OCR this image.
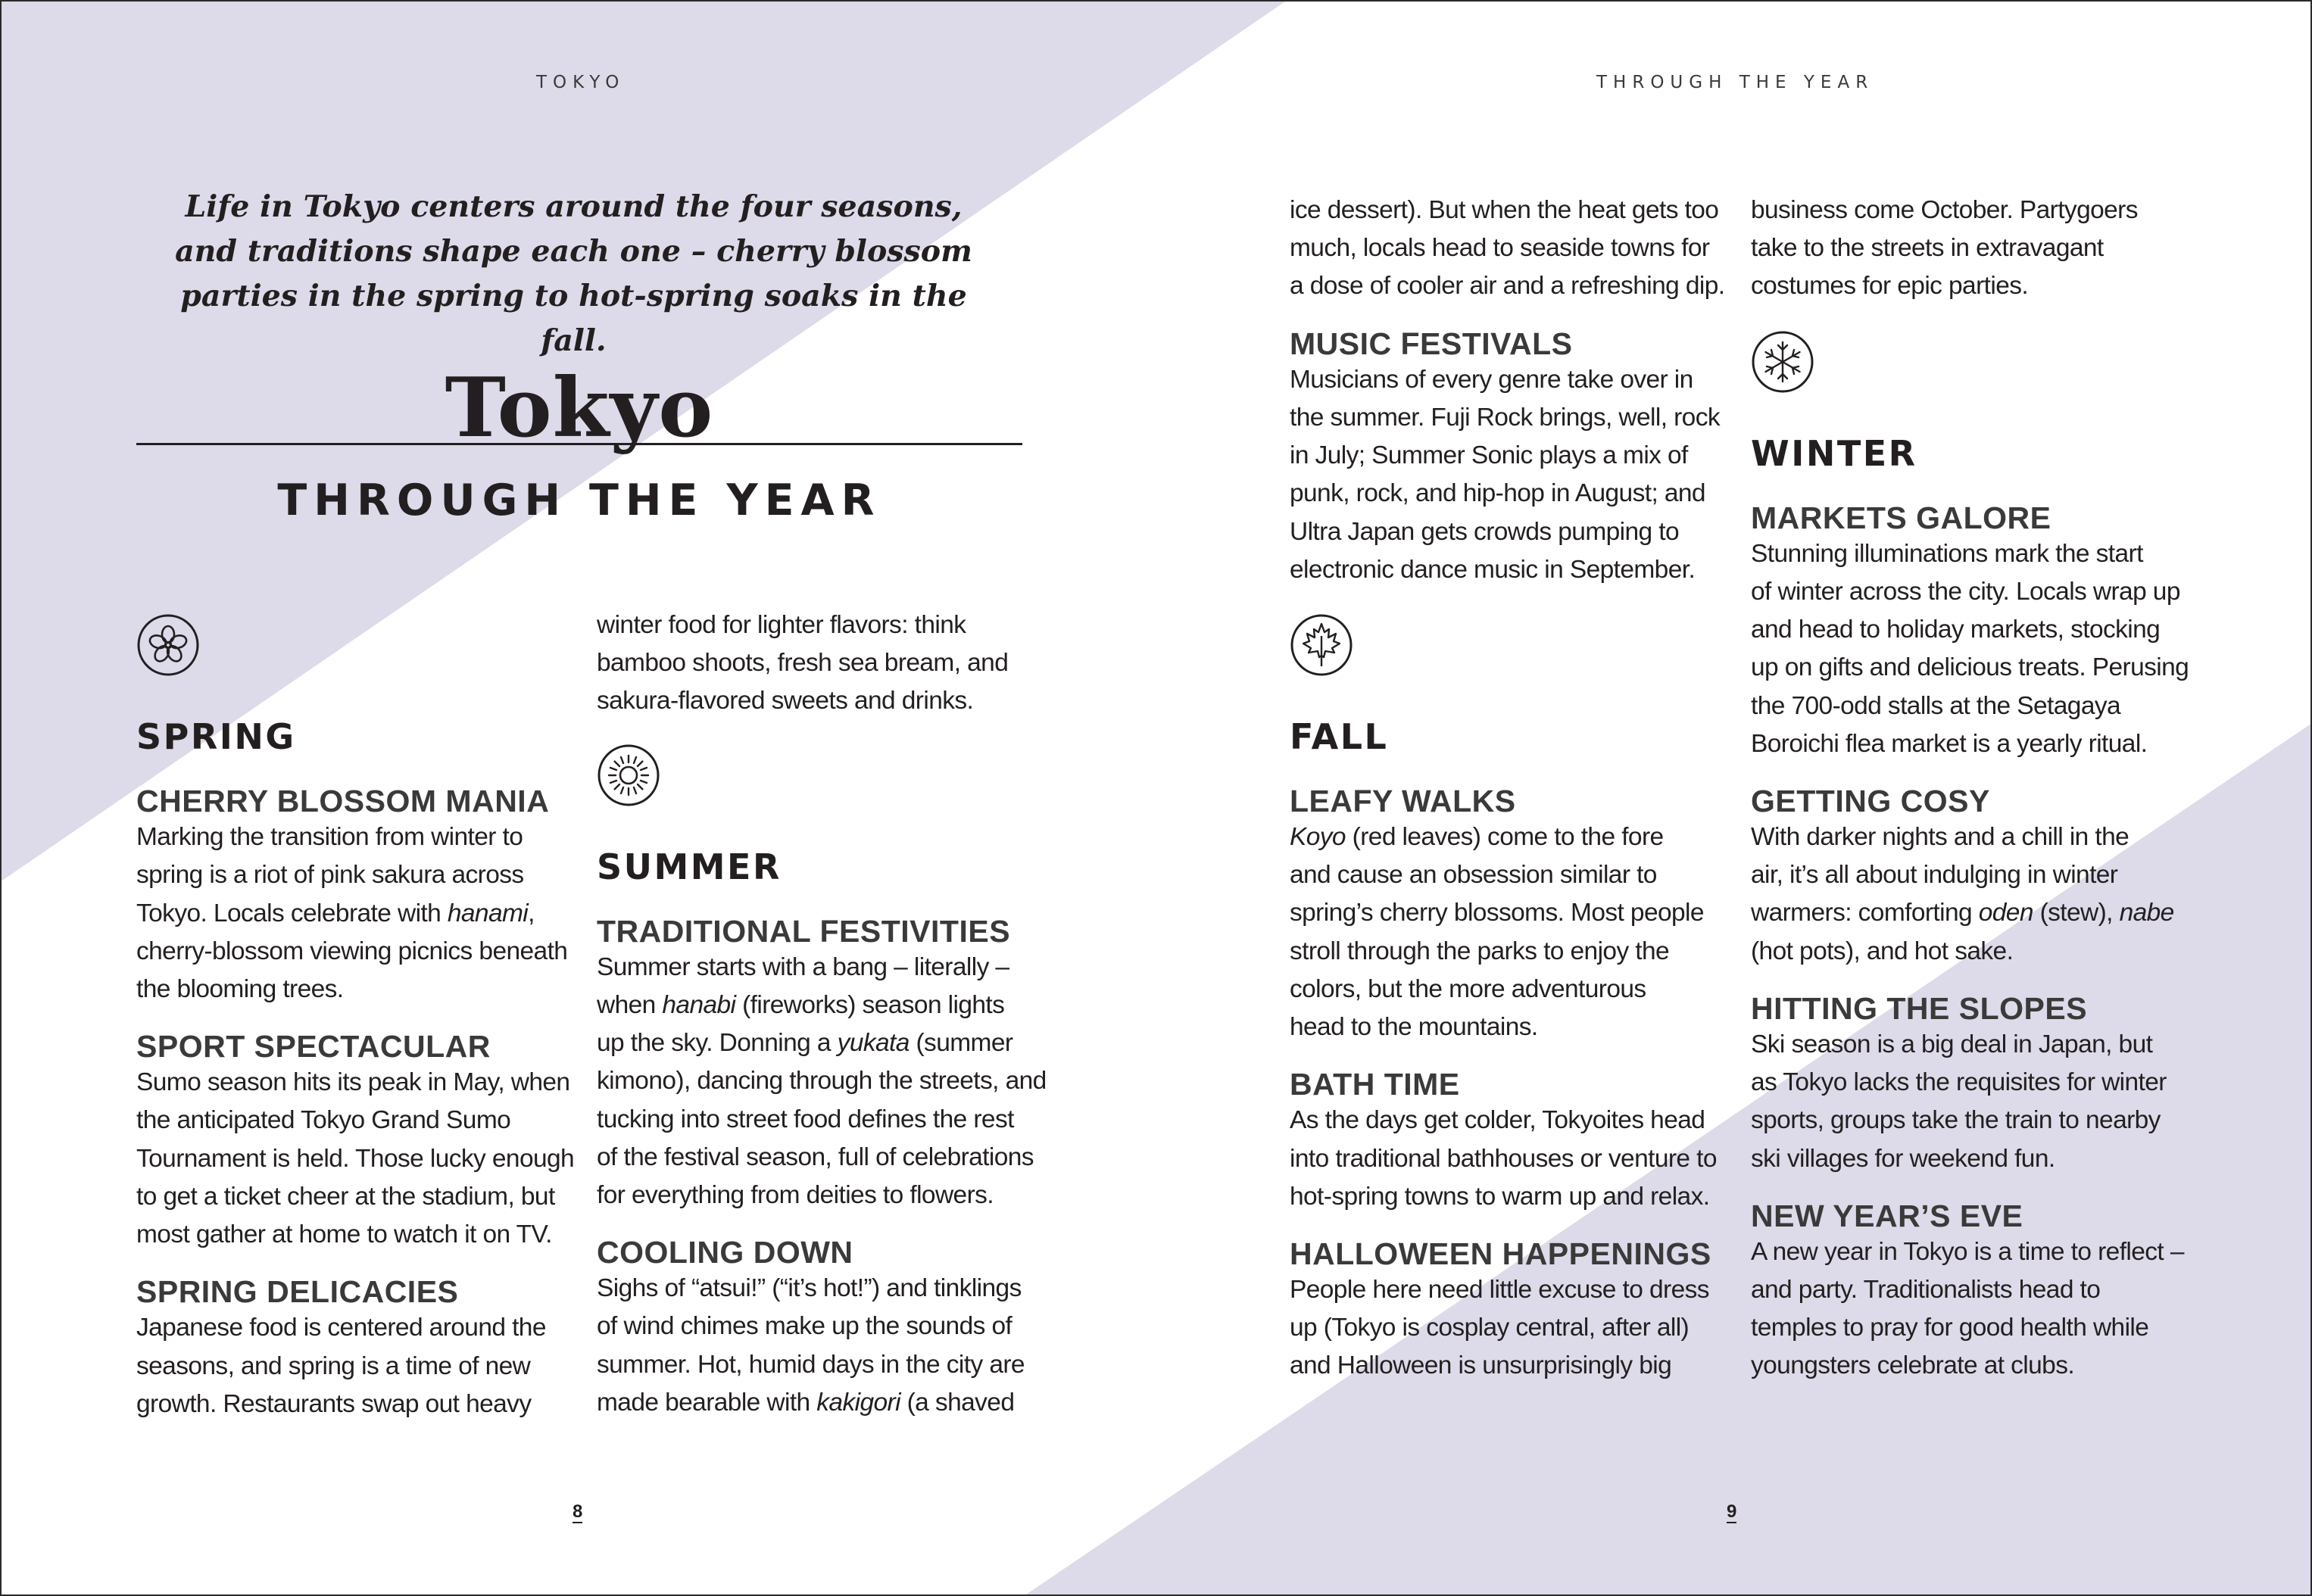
TOKYO
Life in Tokyo centers around the four seasons, and traditions shape each one – cherry blossom parties in the spring to hot-spring soaks in the fall.
Tokyo
THROUGH THE YEAR
SPRING
CHERRY BLOSSOM MANIA

Marking the transition from winter to

spring is a riot of pink sakura across

Tokyo. Locals celebrate with hanami,

cherry-blossom viewing picnics beneath

the blooming trees.

SPORT SPECTACULAR

Sumo season hits its peak in May, when

the anticipated Tokyo Grand Sumo

Tournament is held. Those lucky enough

to get a ticket cheer at the stadium, but

most gather at home to watch it on TV.

SPRING DELICACIES

Japanese food is centered around the

seasons, and spring is a time of new

growth. Restaurants swap out heavy

winter food for lighter flavors: think

bamboo shoots, fresh sea bream, and

sakura-flavored sweets and drinks.

SUMMER
TRADITIONAL FESTIVITIES

Summer starts with a bang – literally –

when hanabi (fireworks) season lights

up the sky. Donning a yukata (summer

kimono), dancing through the streets, and

tucking into street food defines the rest

of the festival season, full of celebrations

for everything from deities to flowers.

COOLING DOWN

Sighs of “atsui!” (“it’s hot!”) and tinklings

of wind chimes make up the sounds of

summer. Hot, humid days in the city are

made bearable with kakigori (a shaved

8
THROUGH THE YEAR

ice dessert). But when the heat gets too

much, locals head to seaside towns for

a dose of cooler air and a refreshing dip.

MUSIC FESTIVALS

Musicians of every genre take over in

the summer. Fuji Rock brings, well, rock

in July; Summer Sonic plays a mix of

punk, rock, and hip-hop in August; and

Ultra Japan gets crowds pumping to

electronic dance music in September.

FALL
LEAFY WALKS

Koyo (red leaves) come to the fore

and cause an obsession similar to

spring’s cherry blossoms. Most people

stroll through the parks to enjoy the

colors, but the more adventurous

head to the mountains.

BATH TIME

As the days get colder, Tokyoites head

into traditional bathhouses or venture to

hot-spring towns to warm up and relax.

HALLOWEEN HAPPENINGS

People here need little excuse to dress

up (Tokyo is cosplay central, after all)

and Halloween is unsurprisingly big

business come October. Partygoers

take to the streets in extravagant

costumes for epic parties.

WINTER
MARKETS GALORE

Stunning illuminations mark the start

of winter across the city. Locals wrap up

and head to holiday markets, stocking

up on gifts and delicious treats. Perusing

the 700-odd stalls at the Setagaya

Boroichi flea market is a yearly ritual.

GETTING COSY

With darker nights and a chill in the

air, it’s all about indulging in winter

warmers: comforting oden (stew), nabe

(hot pots), and hot sake.

HITTING THE SLOPES

Ski season is a big deal in Japan, but

as Tokyo lacks the requisites for winter

sports, groups take the train to nearby

ski villages for weekend fun.

NEW YEAR’S EVE

A new year in Tokyo is a time to reflect –

and party. Traditionalists head to

temples to pray for good health while

youngsters celebrate at clubs.

9
